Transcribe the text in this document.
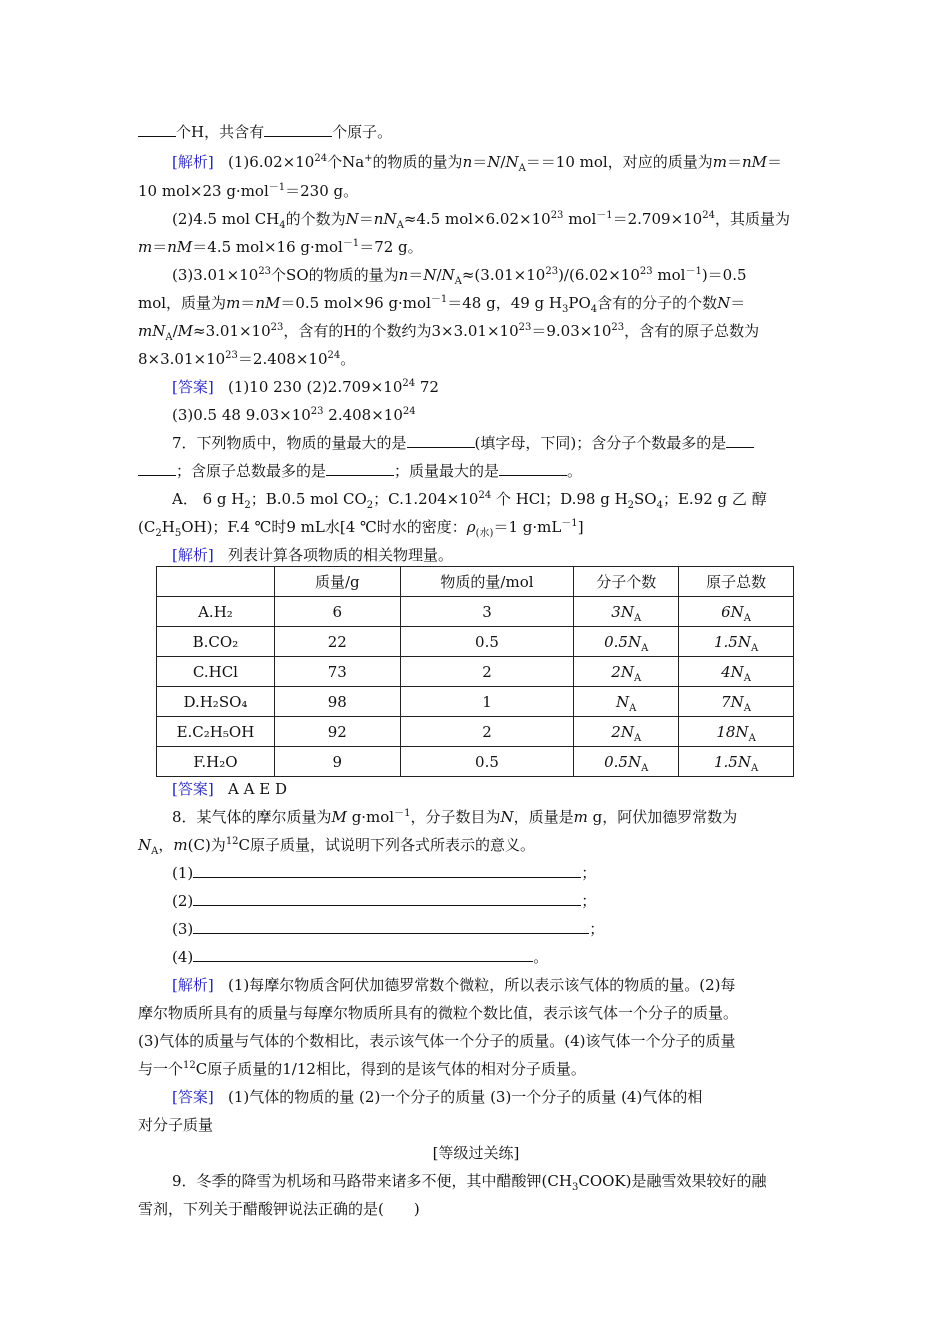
个H，共含有	个原子。
[解析] $(1)6.02\times 10^{24}$个Na+的物质的量为$n=N/N_A==10$ mol，对应的质量为m＝nM＝
10 mol×23 g·mol$^{-1}$＝230 g。
(2)4.5 mol $CH_4$的个数为$N=nN_A\approx 4.5$ $mol\times 6.02\times 10^{23}$ $mol^{-1}=2.709\times 10^{24}$，其质量为
m＝nM＝4.5 mol×16 g·mol$^{-1}$＝72 g。
$(3)3.01\times 10^{23}$个SO的物质的量为$n=N/N_A\approx(3.01\times 10^{23})/(6.02\times 10^{23}$ mol$^{-1}$)＝0.5
mol，质量为m＝nM＝0.5 mol×96 g·mol$^{-1}$＝48 g，49 g $H_3PO_4$含有的分子的个数N＝
$mN_A/M\approx 3.01\times 10^{23}$，含有的H的个数约为$3\times 3.01\times 10^{23}=9.03\times 10^{23}$，含有的原子总数为
$8\times 3.01\times 10^{23}=2.408\times 10^{24}$。
[答案] (1)10 230 $(2)2.709\times 10^{24}$ 72
(3)0.5 48 $9.03\times 10^{23}$ $2.408\times 10^{24}$
7．下列物质中，物质的量最大的是	(填字母，下同)；含分子个数最多的是
；含原子总数最多的是	；质量最大的是	。
A． 6 g $H_2$；B.0.5 mol $CO_2$；$C.1.204\times 10^{24}$ 个 HCl；D.98 g $H_2SO_4$；E.92 g 乙 醇
$(C_2H_5OH)$；F.4 ℃时9 mL水[4 ℃时水的密度：$\rho_{(水)}=1$ $g\cdot mL^{-1}$]
[解析] 列表计算各项物质的相关物理量。
	质量/g	物质的量/mol	分子个数	原子总数
A.H₂	6	3	$3N_A$	$6N_A$
B.CO₂	22	0.5	$0.5N_A$	$1.5N_A$
C.HCl	73	2	$2N_A$	$4N_A$
D.H₂SO₄	98	1	$N_A$	$7N_A$
E.C₂H₅OH	92	2	$2N_A$	$18N_A$
F.H₂O	9	0.5	$0.5N_A$	$1.5N_A$
[答案] A A E D
8．某气体的摩尔质量为M g·mol$^{-1}$，分子数目为N，质量是m g，阿伏加德罗常数为
$N_A$，m(C)为$^{12}$C原子质量，试说明下列各式所表示的意义。
(1)	；
(2)	；
(3)	；
(4)	。
[解析] (1)每摩尔物质含阿伏加德罗常数个微粒，所以表示该气体的物质的量。(2)每
摩尔物质所具有的质量与每摩尔物质所具有的微粒个数比值，表示该气体一个分子的质量。
(3)气体的质量与气体的个数相比，表示该气体一个分子的质量。(4)该气体一个分子的质量
与一个$^{12}$C原子质量的1/12相比，得到的是该气体的相对分子质量。
[答案] (1)气体的物质的量 (2)一个分子的质量 (3)一个分子的质量 (4)气体的相
对分子质量
[等级过关练]
9．冬季的降雪为机场和马路带来诸多不便，其中醋酸钾$(CH_3COOK)$是融雪效果较好的融
雪剂，下列关于醋酸钾说法正确的是(　　)
